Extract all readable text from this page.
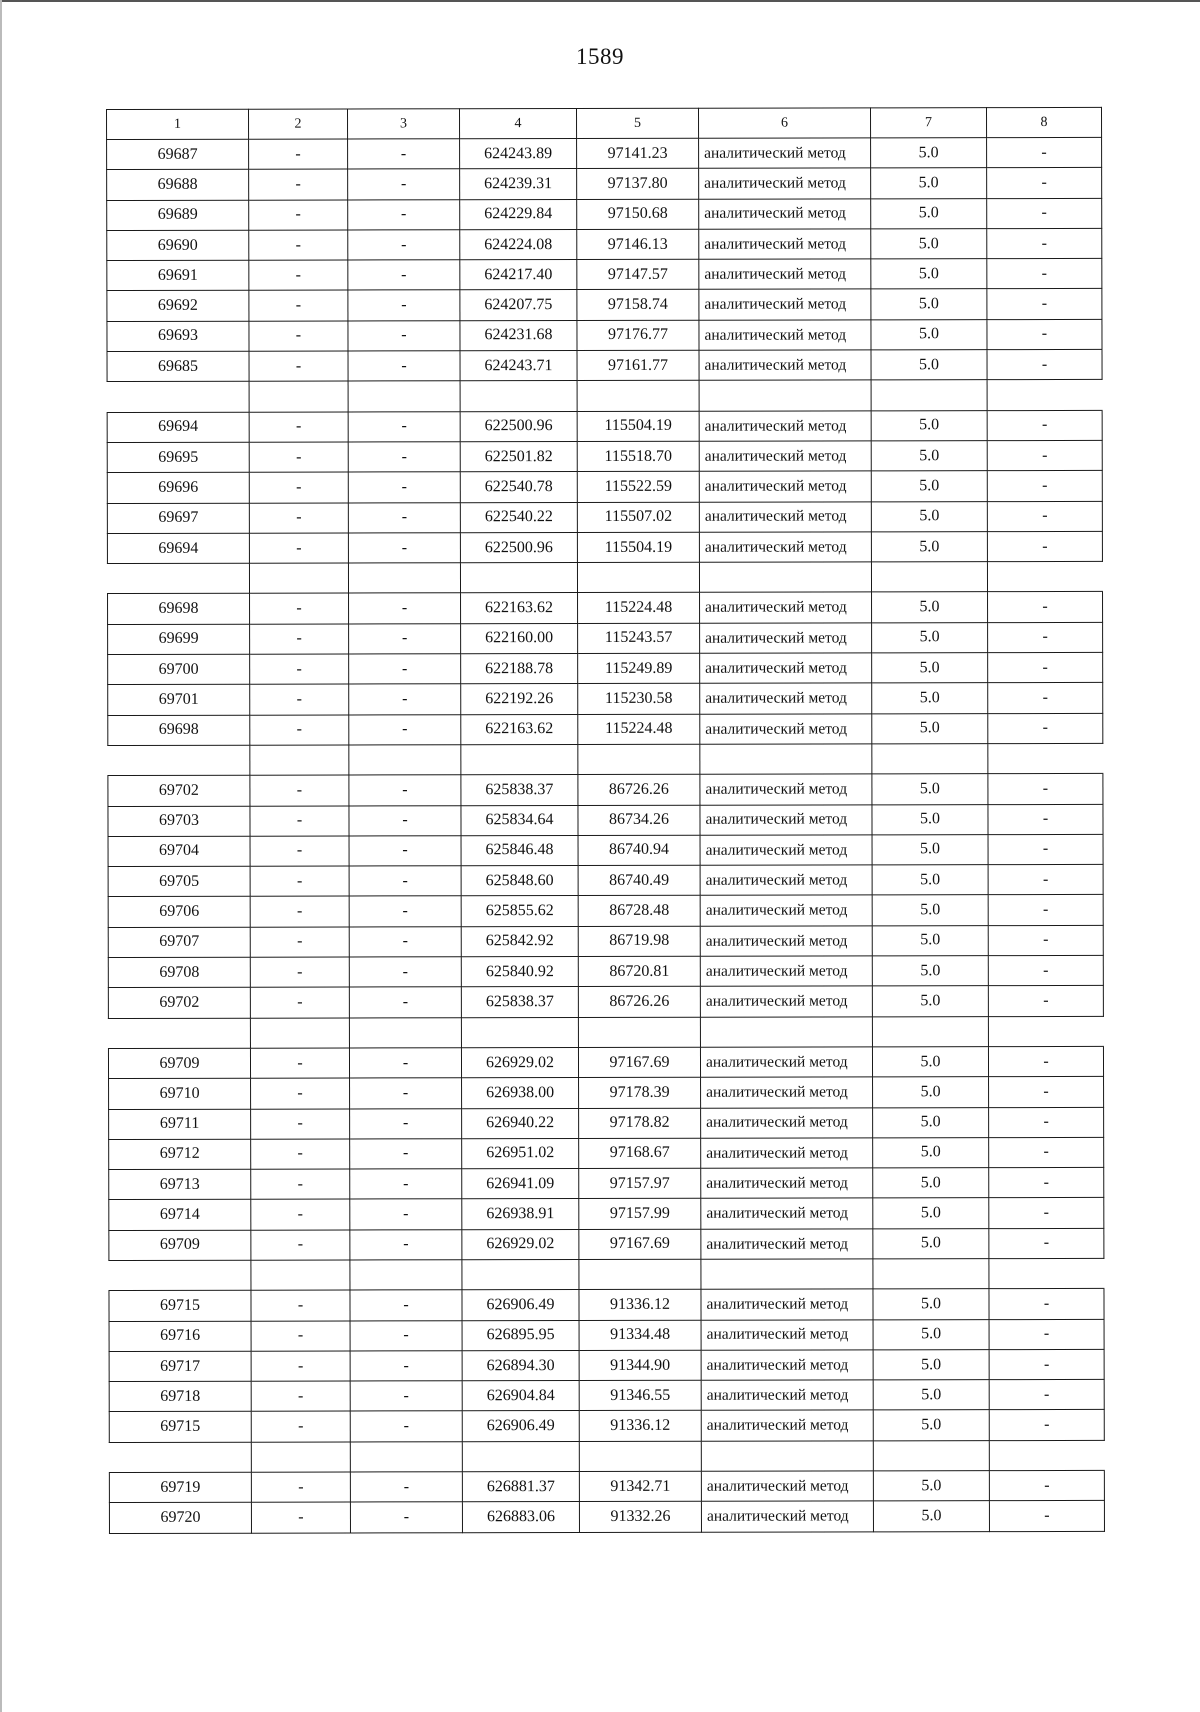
1589
1	2	3	4	5	6	7	8
69687	-	-	624243.89	97141.23	аналитический метод	5.0	-
69688	-	-	624239.31	97137.80	аналитический метод	5.0	-
69689	-	-	624229.84	97150.68	аналитический метод	5.0	-
69690	-	-	624224.08	97146.13	аналитический метод	5.0	-
69691	-	-	624217.40	97147.57	аналитический метод	5.0	-
69692	-	-	624207.75	97158.74	аналитический метод	5.0	-
69693	-	-	624231.68	97176.77	аналитический метод	5.0	-
69685	-	-	624243.71	97161.77	аналитический метод	5.0	-

69694	-	-	622500.96	115504.19	аналитический метод	5.0	-
69695	-	-	622501.82	115518.70	аналитический метод	5.0	-
69696	-	-	622540.78	115522.59	аналитический метод	5.0	-
69697	-	-	622540.22	115507.02	аналитический метод	5.0	-
69694	-	-	622500.96	115504.19	аналитический метод	5.0	-

69698	-	-	622163.62	115224.48	аналитический метод	5.0	-
69699	-	-	622160.00	115243.57	аналитический метод	5.0	-
69700	-	-	622188.78	115249.89	аналитический метод	5.0	-
69701	-	-	622192.26	115230.58	аналитический метод	5.0	-
69698	-	-	622163.62	115224.48	аналитический метод	5.0	-

69702	-	-	625838.37	86726.26	аналитический метод	5.0	-
69703	-	-	625834.64	86734.26	аналитический метод	5.0	-
69704	-	-	625846.48	86740.94	аналитический метод	5.0	-
69705	-	-	625848.60	86740.49	аналитический метод	5.0	-
69706	-	-	625855.62	86728.48	аналитический метод	5.0	-
69707	-	-	625842.92	86719.98	аналитический метод	5.0	-
69708	-	-	625840.92	86720.81	аналитический метод	5.0	-
69702	-	-	625838.37	86726.26	аналитический метод	5.0	-

69709	-	-	626929.02	97167.69	аналитический метод	5.0	-
69710	-	-	626938.00	97178.39	аналитический метод	5.0	-
69711	-	-	626940.22	97178.82	аналитический метод	5.0	-
69712	-	-	626951.02	97168.67	аналитический метод	5.0	-
69713	-	-	626941.09	97157.97	аналитический метод	5.0	-
69714	-	-	626938.91	97157.99	аналитический метод	5.0	-
69709	-	-	626929.02	97167.69	аналитический метод	5.0	-

69715	-	-	626906.49	91336.12	аналитический метод	5.0	-
69716	-	-	626895.95	91334.48	аналитический метод	5.0	-
69717	-	-	626894.30	91344.90	аналитический метод	5.0	-
69718	-	-	626904.84	91346.55	аналитический метод	5.0	-
69715	-	-	626906.49	91336.12	аналитический метод	5.0	-

69719	-	-	626881.37	91342.71	аналитический метод	5.0	-
69720	-	-	626883.06	91332.26	аналитический метод	5.0	-
